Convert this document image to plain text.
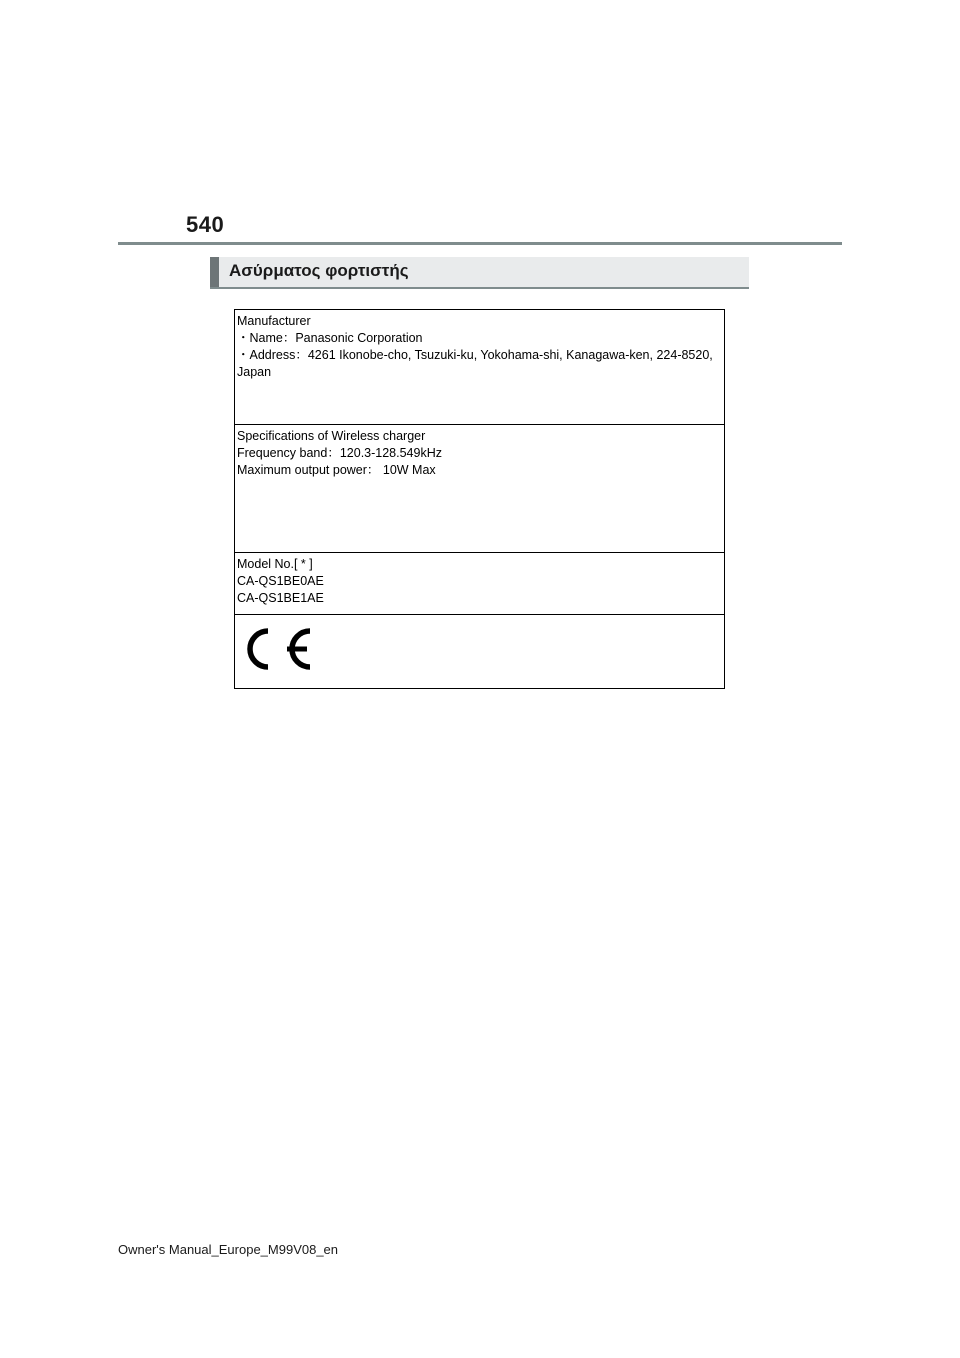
540
Ασύρματος φορτιστής
Manufacturer
・Name：Panasonic Corporation
・Address：4261 Ikonobe-cho, Tsuzuki-ku, Yokohama-shi, Kanagawa-ken, 224-8520, Japan

Specifications of Wireless charger
Frequency band：120.3-128.549kHz
Maximum output power： 10W Max

Model No.[ * ]
CA-QS1BE0AE
CA-QS1BE1AE

Owner's Manual_Europe_M99V08_en
